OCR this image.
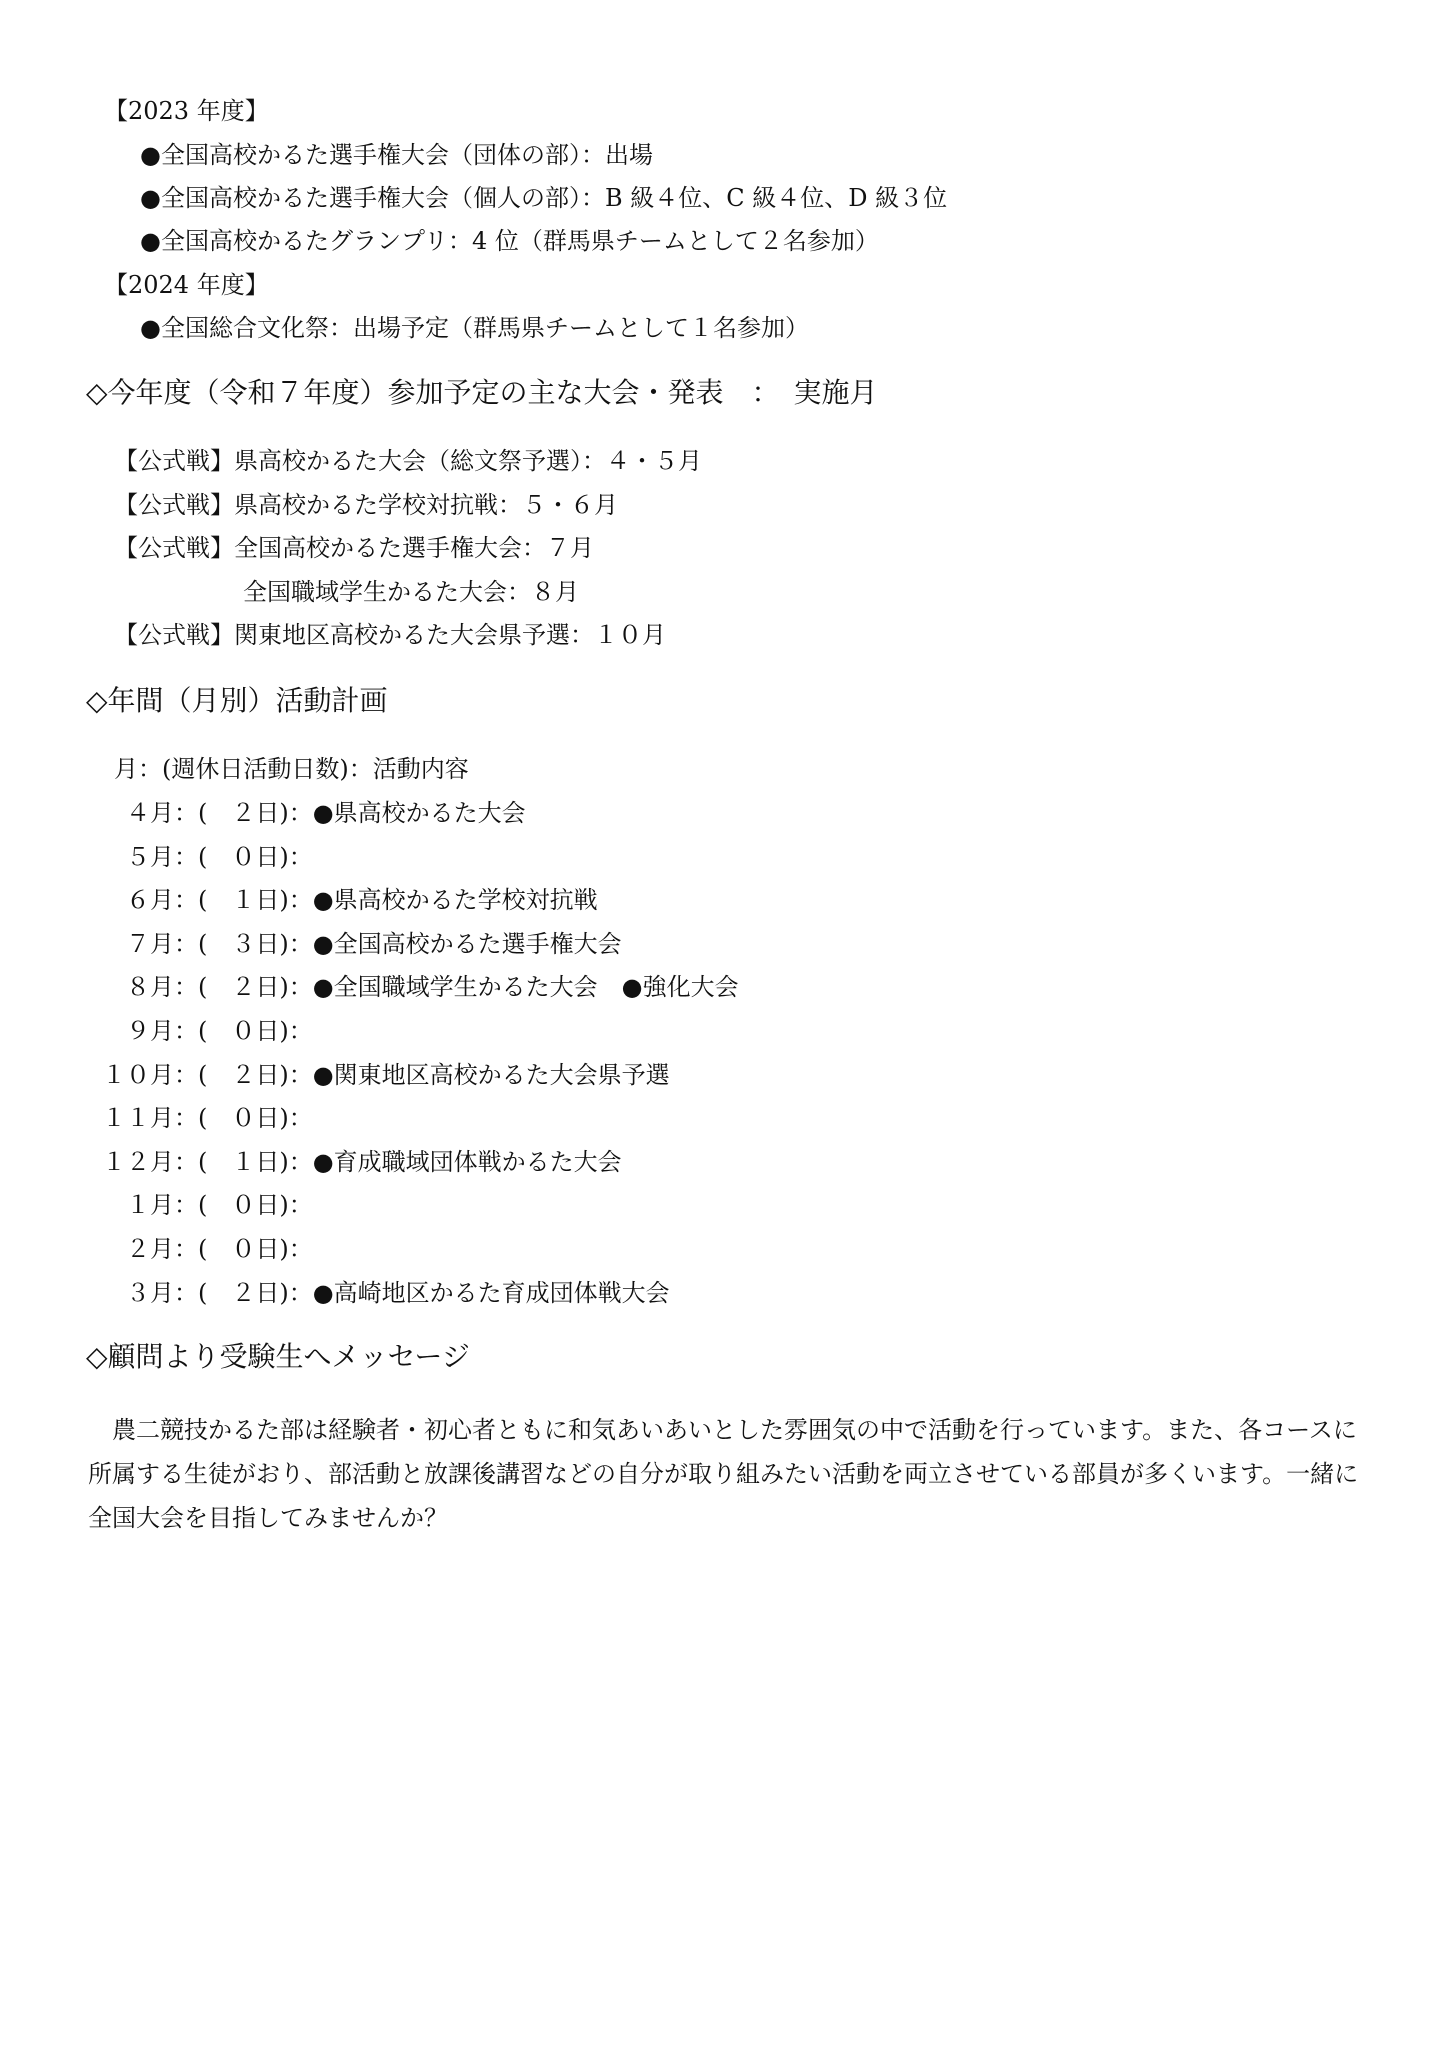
【2023 年度】
●全国高校かるた選手権大会（団体の部）：出場
●全国高校かるた選手権大会（個人の部）：B 級４位、C 級４位、D 級３位
●全国高校かるたグランプリ：4 位（群馬県チームとして２名参加）
【2024 年度】
●全国総合文化祭：出場予定（群馬県チームとして１名参加）
◇今年度（令和７年度）参加予定の主な大会・発表　：　実施月
【公式戦】県高校かるた大会（総文祭予選）：４・５月
【公式戦】県高校かるた学校対抗戦：５・６月
【公式戦】全国高校かるた選手権大会：７月
全国職域学生かるた大会：８月
【公式戦】関東地区高校かるた大会県予選：１０月
◇年間（月別）活動計画
月：(週休日活動日数)：活動内容
４月： (　２日)：●県高校かるた大会
５月： (　０日)：
６月： (　１日)：●県高校かるた学校対抗戦
７月： (　３日)：●全国高校かるた選手権大会
８月： (　２日)：●全国職域学生かるた大会　●強化大会
９月： (　０日)：
１０月： (　２日)：●関東地区高校かるた大会県予選
１１月： (　０日)：
１２月： (　１日)：●育成職域団体戦かるた大会
１月： (　０日)：
２月： (　０日)：
３月： (　２日)：●高崎地区かるた育成団体戦大会
◇顧問より受験生へメッセージ
農二競技かるた部は経験者・初心者ともに和気あいあいとした雰囲気の中で活動を行っています。また、各コースに所属する生徒がおり、部活動と放課後講習などの自分が取り組みたい活動を両立させている部員が多くいます。一緒に全国大会を目指してみませんか？
